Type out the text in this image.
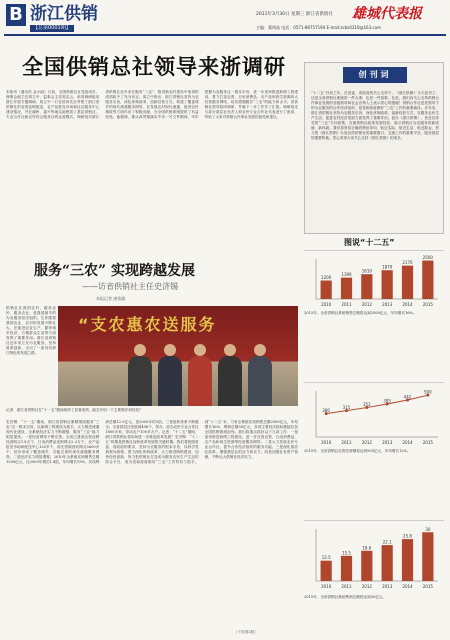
B 浙江供销
【总第0001期】
2011年3月30日 星期三 浙江省供销社 雄城代表报
主编：董明高 电话：0571-86757194 E-mail:zcbs0310@163.com
全国供销总社领导来浙调研
本报讯（通讯员 金小丽）日前，全国供销总社党组成员、理事会副主任周立中，监事会主任周志云，率领调研组来浙江开展专题调研。周立中一行在杭州先后考察了浙江省供销社的农资连锁配送、农产品批发市场和社区服务中心建设情况，并在湖州、嘉兴等地实地察看了基层供销社、专业合作社和农村综合服务社的运营模式。调研组对浙江省供销社近年来在服务“三农”、推进新农村建设中取得的成绩给予了充分肯定。周立中指出，浙江供销社坚持为农服务宗旨，深化体制改革，创新经营方式，构建了覆盖城乡的现代流通服务网络，在发展农村现代流通、促进农民增收等方面作出了积极贡献，为全国供销系统提供了有益经验。他强调，要认真贯彻落实中央一号文件精神，牢牢把握为农服务这一根本宗旨，进一步加快推进新网工程建设，着力打造农资、日用消费品、农产品和再生资源四大经营服务网络，切实增强服务“三农”的能力和水平。省供销社领导陪同调研，并就下一步工作作了汇报。调研组还与部分基层社负责人和农民专业合作社代表进行了座谈，听取了大家对供销合作事业发展的意见和建议。
服务“三农” 实现跨越发展
——访省供销社主任史济锡
本报记者 唐依姚
供销社在我国农村，服务农民、服务农业，是我国最早的为农服务经济组织。它伴随着我国农业、农村的发展不断壮大，在促进农业生产、繁荣城乡经济、方便群众生活等方面发挥了重要作用。浙江省供销社近年来立足为农服务，坚持改革创新，走出了一条具有浙江特色的发展之路。
“支农惠农送服务
记者：浙江省供销社在“十一五”期间取得了显著成绩，能否介绍一下主要做法和经验？
史济锡：“十一五”期间，浙江省供销社紧紧围绕服务“三农”这一根本宗旨，以新网工程建设为抓手，大力推进流通现代化建设，全系统经济实力不断增强，服务“三农”能力明显提高。一是经营网络不断完善。全省已建成农资连锁经营网点1.8万个，日用消费品连锁网点2.3万个，农产品批发市场和配送中心120多个，再生资源回收网点5600多个，初步形成了覆盖城乡、功能完善的现代流通服务网络。二是经济实力明显增强。2010年全系统实现销售总额1200亿元，比2005年增长1.4倍，年均增长19%；实现利润总额12.5亿元，是2005年的3倍。三是组织体系不断健全。全省基层社发展到496个，领办、创办农民专业合作社1800多家，带动农户100多万户。记者：“十二五”期间，浙江省供销社将如何进一步推进改革发展？史济锡：“十二五”时期是供销社加快改革发展的关键时期。我们将按照省委、省政府的要求，坚持为农服务的根本宗旨，以科学发展观为统领，着力深化体制改革，大力推进网络建设，加快经营创新，努力把供销社打造成为服务农民生产生活的综合平台，成为党和政府做好“三农”工作的有力抓手。到“十二五”末，力争全系统实现销售总额2500亿元，年均增长16%，利润总额30亿元，各项主要经济指标继续位居全国供销系统前列。我们将重点抓好以下几项工作：一是加快推进新网工程建设，进一步完善农资、日用消费品、农产品和再生资源等经营服务网络；二是大力发展农民专业合作社，提升合作经济组织的服务功能；三是深化基层社改革，增强基层社的活力和实力；四是加强社有资产管理，不断壮大供销社经济实力。
创刊词
“十二五”开局之年，在省委、省政府的关心支持下，《浙江供销》今天创刊了。这是全省供销社系统的一件大事，也是一件喜事，在此，我们向关心支持供销合作事业发展的各级领导和社会各界人士表示衷心的感谢！供销合作社是党领导下的为农服务的合作经济组织，是党和政府做好“三农”工作的重要载体。多年来，浙江省供销社坚持为农服务宗旨，深化体制改革，创新经营方式，在服务农民生产生活、促进农村经济发展方面发挥了重要作用。创办《浙江供销》，旨在宣传党的“三农”方针政策，交流供销社改革发展经验，展示供销社为农服务的新成就、新风貌。我们将坚持正确的舆论导向，贴近实际、贴近生活、贴近群众，努力把《浙江供销》办成宣传供销社的重要窗口、交流工作的重要平台、服务基层的重要阵地。衷心希望大家关心支持《浙江供销》的成长。
图说“十二五”
1200
2010
1390
2011
1610
2012
1870
2013
2170
2014
2500
2015
2015年，全省供销社系统销售总额将达到2500亿元，年均增长16%。
280
2010
315
2011
352
2012
395
2013
442
2014
500
2015
2015年，全省供销社农资经营额将达到500亿元，年均增长12%。
12.5
2010
15.5
2011
18.6
2012
22.1
2013
25.8
2014
30
2015
2015年，全省供销社系统利润总额将达到30亿元。
（下转第2版）
